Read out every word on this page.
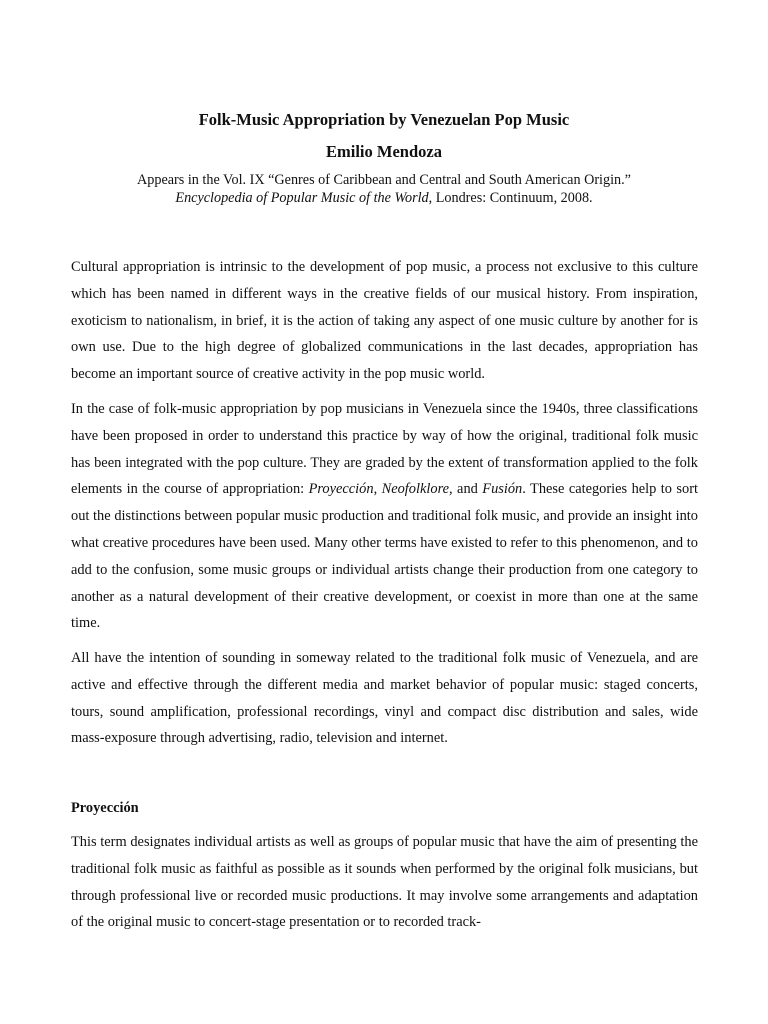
Folk-Music Appropriation by Venezuelan Pop Music
Emilio Mendoza

Appears in the Vol. IX “Genres of Caribbean and Central and South American Origin.”
Encyclopedia of Popular Music of the World, Londres: Continuum, 2008.

Cultural appropriation is intrinsic to the development of pop music, a process not exclusive to this culture which has been named in different ways in the creative fields of our musical history. From inspiration, exoticism to nationalism, in brief, it is the action of taking any aspect of one music culture by another for is own use. Due to the high degree of globalized communications in the last decades, appropriation has become an important source of creative activity in the pop music world.

In the case of folk-music appropriation by pop musicians in Venezuela since the 1940s, three classifications have been proposed in order to understand this practice by way of how the original, traditional folk music has been integrated with the pop culture. They are graded by the extent of transformation applied to the folk elements in the course of appropriation: Proyección, Neofolklore, and Fusión. These categories help to sort out the distinctions between popular music production and traditional folk music, and provide an insight into what creative procedures have been used. Many other terms have existed to refer to this phenomenon, and to add to the confusion, some music groups or individual artists change their production from one category to another as a natural development of their creative development, or coexist in more than one at the same time.

All have the intention of sounding in someway related to the traditional folk music of Venezuela, and are active and effective through the different media and market behavior of popular music: staged concerts, tours, sound amplification, professional recordings, vinyl and compact disc distribution and sales, wide mass-exposure through advertising, radio, television and internet.

Proyección

This term designates individual artists as well as groups of popular music that have the aim of presenting the traditional folk music as faithful as possible as it sounds when performed by the original folk musicians, but through professional live or recorded music productions. It may involve some arrangements and adaptation of the original music to concert-stage presentation or to recorded track-
